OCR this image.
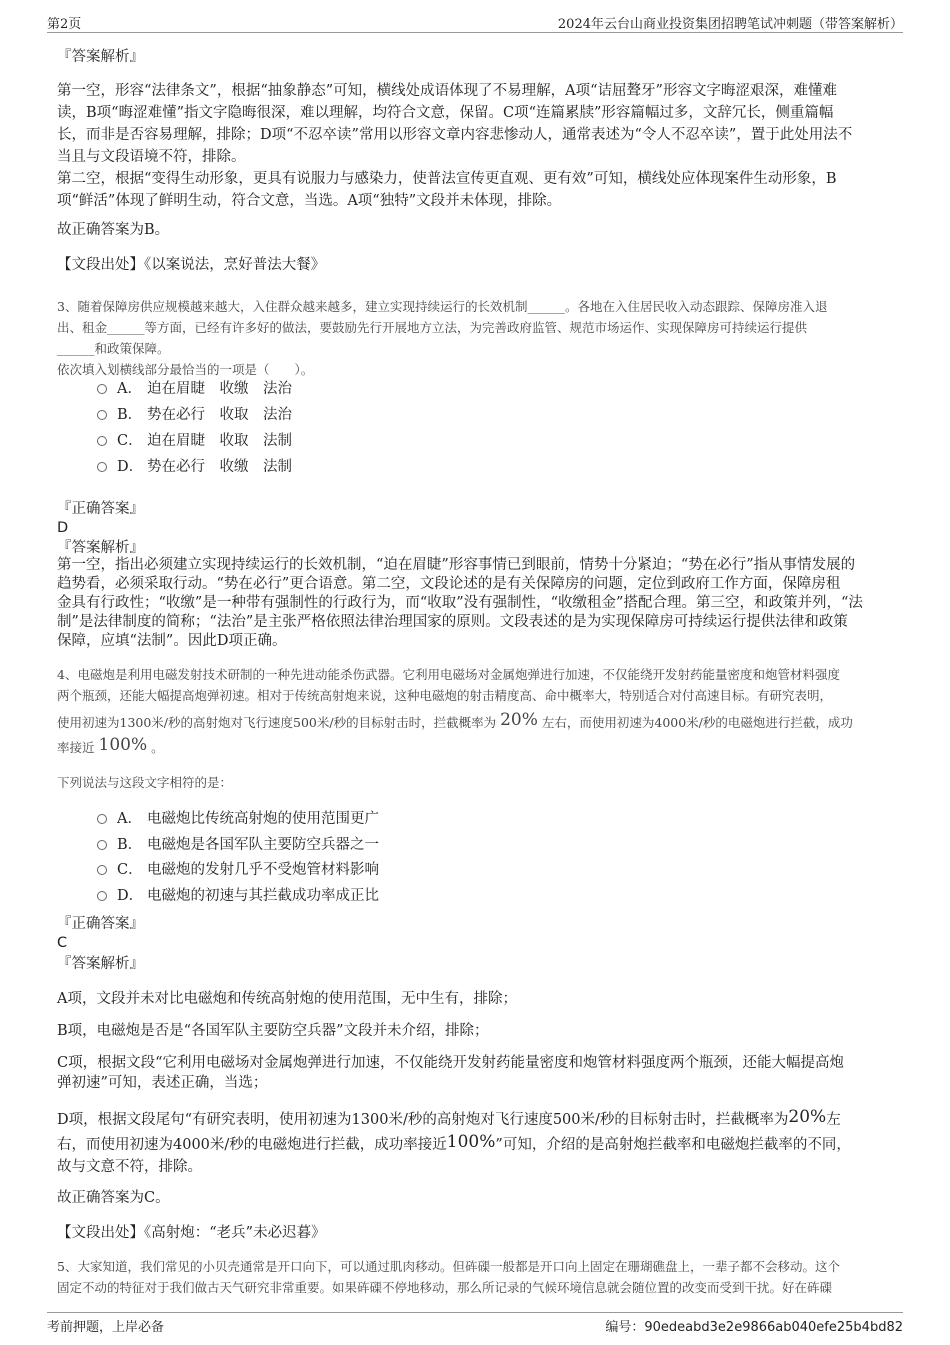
第2页	2024年云台山商业投资集团招聘笔试冲刺题（带答案解析）
『答案解析』
第一空，形容“法律条文”，根据“抽象静态”可知，横线处成语体现了不易理解，A项“诘屈聱牙”形容文字晦涩艰深，难懂难
读，B项“晦涩难懂”指文字隐晦很深，难以理解，均符合文意，保留。C项“连篇累牍”形容篇幅过多，文辞冗长，侧重篇幅
长，而非是否容易理解，排除；D项“不忍卒读”常用以形容文章内容悲惨动人，通常表述为“令人不忍卒读”，置于此处用法不
当且与文段语境不符，排除。
第二空，根据“变得生动形象，更具有说服力与感染力，使普法宣传更直观、更有效”可知，横线处应体现案件生动形象，B
项“鲜活”体现了鲜明生动，符合文意，当选。A项“独特”文段并未体现，排除。
故正确答案为B。
【文段出处】《以案说法，烹好普法大餐》
3、随着保障房供应规模越来越大，入住群众越来越多，建立实现持续运行的长效机制______。各地在入住居民收入动态跟踪、保障房准入退
出、租金______等方面，已经有许多好的做法，要鼓励先行开展地方立法，为完善政府监管、规范市场运作、实现保障房可持续运行提供
______和政策保障。
依次填入划横线部分最恰当的一项是（　　）。
A． 迫在眉睫　收缴　法治
B． 势在必行　收取　法治
C． 迫在眉睫　收取　法制
D． 势在必行　收缴　法制
『正确答案』
D
『答案解析』
第一空，指出必须建立实现持续运行的长效机制，“迫在眉睫”形容事情已到眼前，情势十分紧迫；“势在必行”指从事情发展的
趋势看，必须采取行动。“势在必行”更合语意。第二空，文段论述的是有关保障房的问题，定位到政府工作方面，保障房租
金具有行政性；“收缴”是一种带有强制性的行政行为，而“收取”没有强制性，“收缴租金”搭配合理。第三空，和政策并列，“法
制”是法律制度的简称；“法治”是主张严格依照法律治理国家的原则。文段表述的是为实现保障房可持续运行提供法律和政策
保障，应填“法制”。因此D项正确。
4、电磁炮是利用电磁发射技术研制的一种先进动能杀伤武器。它利用电磁场对金属炮弹进行加速，不仅能绕开发射药能量密度和炮管材料强度
两个瓶颈，还能大幅提高炮弹初速。相对于传统高射炮来说，这种电磁炮的射击精度高、命中概率大，特别适合对付高速目标。有研究表明，
使用初速为1300米/秒的高射炮对飞行速度500米/秒的目标射击时，拦截概率为 20% 左右，而使用初速为4000米/秒的电磁炮进行拦截，成功
率接近 100% 。
下列说法与这段文字相符的是：
A． 电磁炮比传统高射炮的使用范围更广
B． 电磁炮是各国军队主要防空兵器之一
C． 电磁炮的发射几乎不受炮管材料影响
D． 电磁炮的初速与其拦截成功率成正比
『正确答案』
C
『答案解析』
A项，文段并未对比电磁炮和传统高射炮的使用范围，无中生有，排除；
B项，电磁炮是否是“各国军队主要防空兵器”文段并未介绍，排除；
C项，根据文段“它利用电磁场对金属炮弹进行加速，不仅能绕开发射药能量密度和炮管材料强度两个瓶颈，还能大幅提高炮
弹初速”可知，表述正确，当选；
D项，根据文段尾句“有研究表明，使用初速为1300米/秒的高射炮对飞行速度500米/秒的目标射击时，拦截概率为20%左
右，而使用初速为4000米/秒的电磁炮进行拦截，成功率接近100%”可知，介绍的是高射炮拦截率和电磁炮拦截率的不同，
故与文意不符，排除。
故正确答案为C。
【文段出处】《高射炮：“老兵”未必迟暮》
5、大家知道，我们常见的小贝壳通常是开口向下，可以通过肌肉移动。但砗磲一般都是开口向上固定在珊瑚礁盘上，一辈子都不会移动。这个
固定不动的特征对于我们做古天气研究非常重要。如果砗磲不停地移动，那么所记录的气候环境信息就会随位置的改变而受到干扰。好在砗磲
考前押题，上岸必备	编号：90edeabd3e2e9866ab040efe25b4bd82
